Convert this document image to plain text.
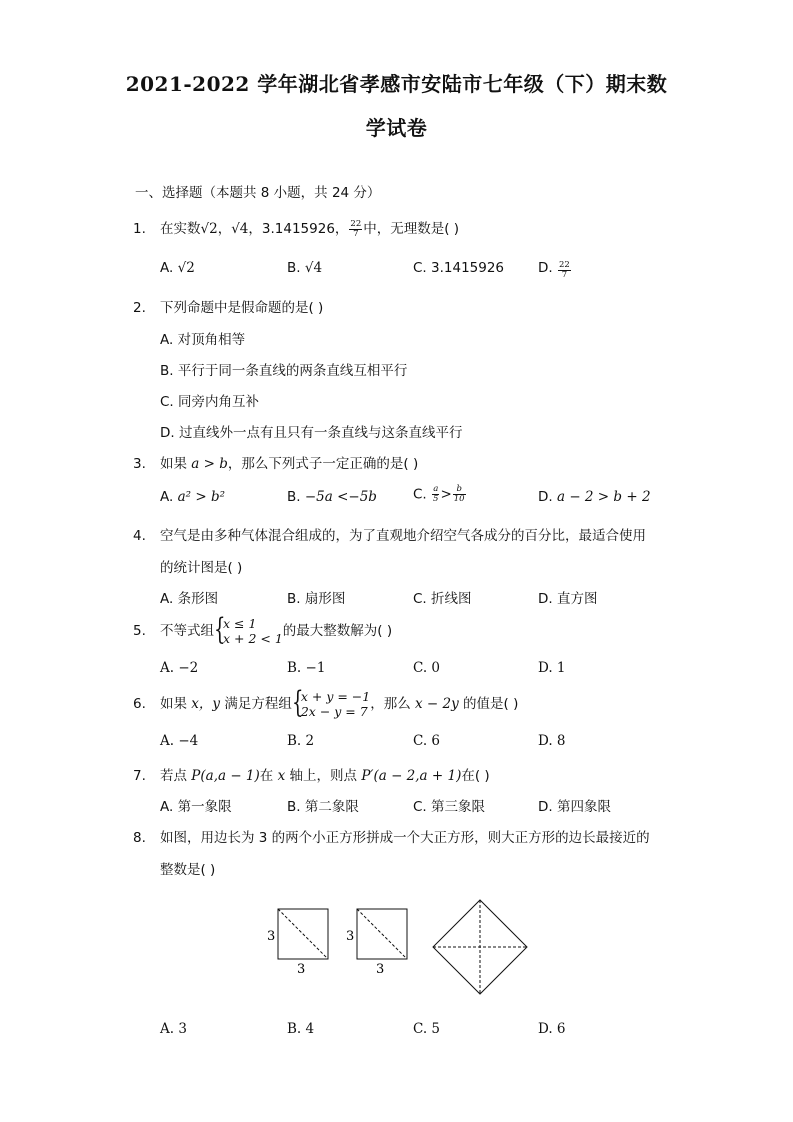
2021-2022 学年湖北省孝感市安陆市七年级（下）期末数
学试卷
一、选择题（本题共 8 小题，共 24 分）
1. 在实数√2，√4，3.1415926， $\frac{22}{7}$ 中，无理数是( )
A. √2	B. √4	C. 3.1415926	D. $\frac{22}{7}$
2. 下列命题中是假命题的是( )
A. 对顶角相等
B. 平行于同一条直线的两条直线互相平行
C. 同旁内角互补
D. 过直线外一点有且只有一条直线与这条直线平行
3. 如果 a > b，那么下列式子一定正确的是( )
A. a² > b²	B. −5a <−5b	C. $\frac{a}{5} > \frac{b}{10}$	D. a − 2 > b + 2
4. 空气是由多种气体混合组成的，为了直观地介绍空气各成分的百分比，最适合使用
的统计图是( )
A. 条形图	B. 扇形图	C. 折线图	D. 直方图
5. 不等式组 {
x ≤ 1
x + 2 < 1 的最大整数解为( )
A. −2	B. −1	C. 0	D. 1
6. 如果 x，y 满足方程组 {
x + y = −1
2x − y = 7 ，那么 x − 2y 的值是( )
A. −4	B. 2	C. 6	D. 8
7. 若点 P(a,a − 1)在 x 轴上，则点 P′(a − 2,a + 1)在( )
A. 第一象限	B. 第二象限	C. 第三象限	D. 第四象限
8. 如图，用边长为 3 的两个小正方形拼成一个大正方形，则大正方形的边长最接近的
整数是( )
3
3
3
3
A. 3	B. 4	C. 5	D. 6
